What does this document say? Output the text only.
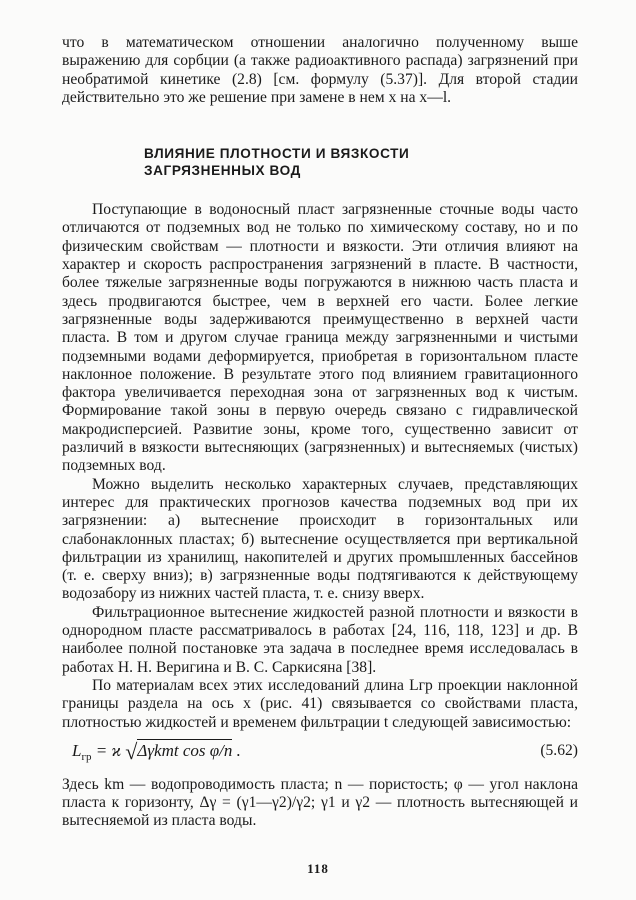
что в математическом отношении аналогично полученному выше выражению для сорбции (а также радиоактивного распада) загрязнений при необратимой кинетике (2.8) [см. формулу (5.37)]. Для второй стадии действительно это же решение при замене в нем x на x—l.

ВЛИЯНИЕ ПЛОТНОСТИ И ВЯЗКОСТИ
ЗАГРЯЗНЕННЫХ ВОД

Поступающие в водоносный пласт загрязненные сточные воды часто отличаются от подземных вод не только по химическому составу, но и по физическим свойствам — плотности и вязкости. Эти отличия влияют на характер и скорость распространения загрязнений в пласте. В частности, более тяжелые загрязненные воды погружаются в нижнюю часть пласта и здесь продвигаются быстрее, чем в верхней его части. Более легкие загрязненные воды задерживаются преимущественно в верхней части пласта. В том и другом случае граница между загрязненными и чистыми подземными водами деформируется, приобретая в горизонтальном пласте наклонное положение. В результате этого под влиянием гравитационного фактора увеличивается переходная зона от загрязненных вод к чистым. Формирование такой зоны в первую очередь связано с гидравлической макродисперсией. Развитие зоны, кроме того, существенно зависит от различий в вязкости вытесняющих (загрязненных) и вытесняемых (чистых) подземных вод.

Можно выделить несколько характерных случаев, представляющих интерес для практических прогнозов качества подземных вод при их загрязнении: а) вытеснение происходит в горизонтальных или слабонаклонных пластах; б) вытеснение осуществляется при вертикальной фильтрации из хранилищ, накопителей и других промышленных бассейнов (т. е. сверху вниз); в) загрязненные воды подтягиваются к действующему водозабору из нижних частей пласта, т. е. снизу вверх.

Фильтрационное вытеснение жидкостей разной плотности и вязкости в однородном пласте рассматривалось в работах [24, 116, 118, 123] и др. В наиболее полной постановке эта задача в последнее время исследовалась в работах Н. Н. Веригина и В. С. Саркисяна [38].

По материалам всех этих исследований длина Lгр проекции наклонной границы раздела на ось x (рис. 41) связывается со свойствами пласта, плотностью жидкостей и временем фильтрации t следующей зависимостью:

$L_{гр} = ϰ$ √Δγkmt cos φ/n .	(5.62)

Здесь km — водопроводимость пласта; n — пористость; φ — угол наклона пласта к горизонту, Δγ = (γ1—γ2)/γ2; γ1 и γ2 — плотность вытесняющей и вытесняемой из пласта воды.

118
